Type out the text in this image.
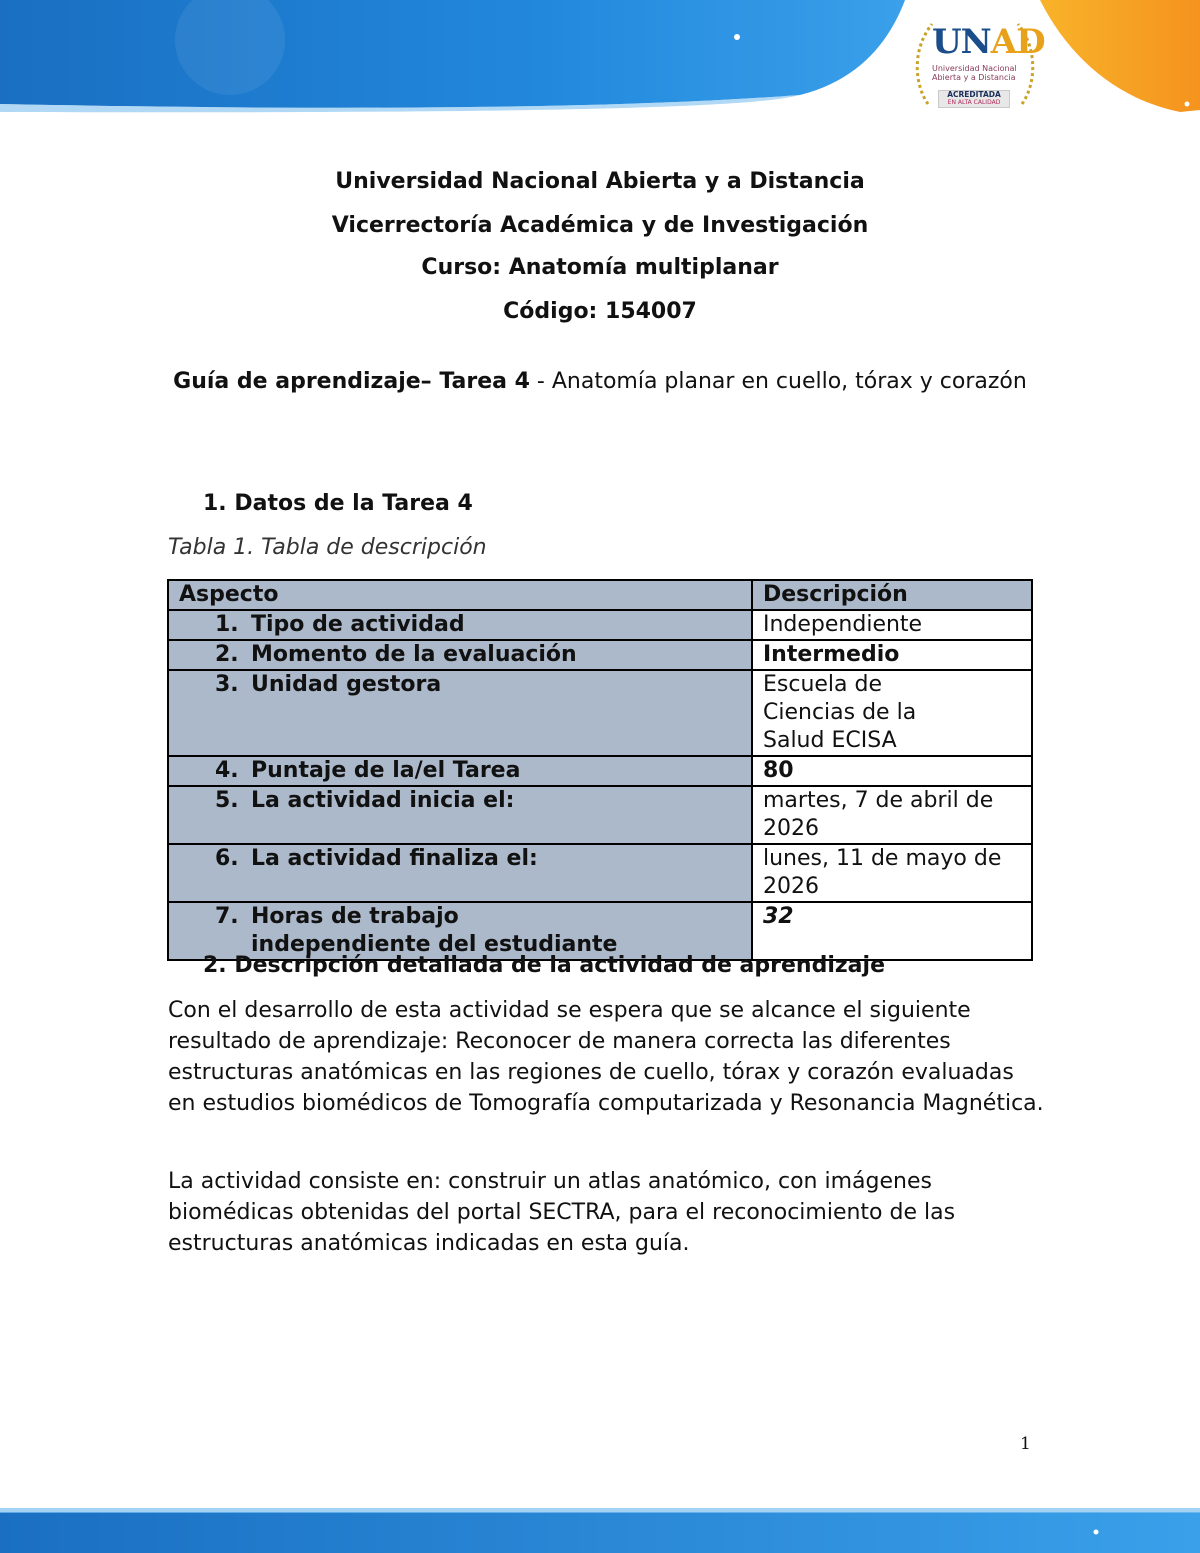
UNAD
Universidad Nacional Abierta y a Distancia
ACREDITADA
EN ALTA CALIDAD
Universidad Nacional Abierta y a Distancia
Vicerrectoría Académica y de Investigación
Curso: Anatomía multiplanar
Código: 154007
Guía de aprendizaje– Tarea 4 - Anatomía planar en cuello, tórax y corazón
1. Datos de la Tarea 4
Tabla 1. Tabla de descripción
Aspecto	Descripción

1. Tipo de actividad	Independiente

2. Momento de la evaluación	Intermedio

3. Unidad gestora	Escuela de Ciencias de la Salud ECISA

4. Puntaje de la/el Tarea	80

5. La actividad inicia el:	martes, 7 de abril de 2026

6. La actividad finaliza el:	lunes, 11 de mayo de 2026

7. Horas de trabajo independiente del estudiante	32
2. Descripción detallada de la actividad de aprendizaje
Con el desarrollo de esta actividad se espera que se alcance el siguiente resultado de aprendizaje: Reconocer de manera correcta las diferentes estructuras anatómicas en las regiones de cuello, tórax y corazón evaluadas en estudios biomédicos de Tomografía computarizada y Resonancia Magnética.
La actividad consiste en: construir un atlas anatómico, con imágenes biomédicas obtenidas del portal SECTRA, para el reconocimiento de las estructuras anatómicas indicadas en esta guía.
1
